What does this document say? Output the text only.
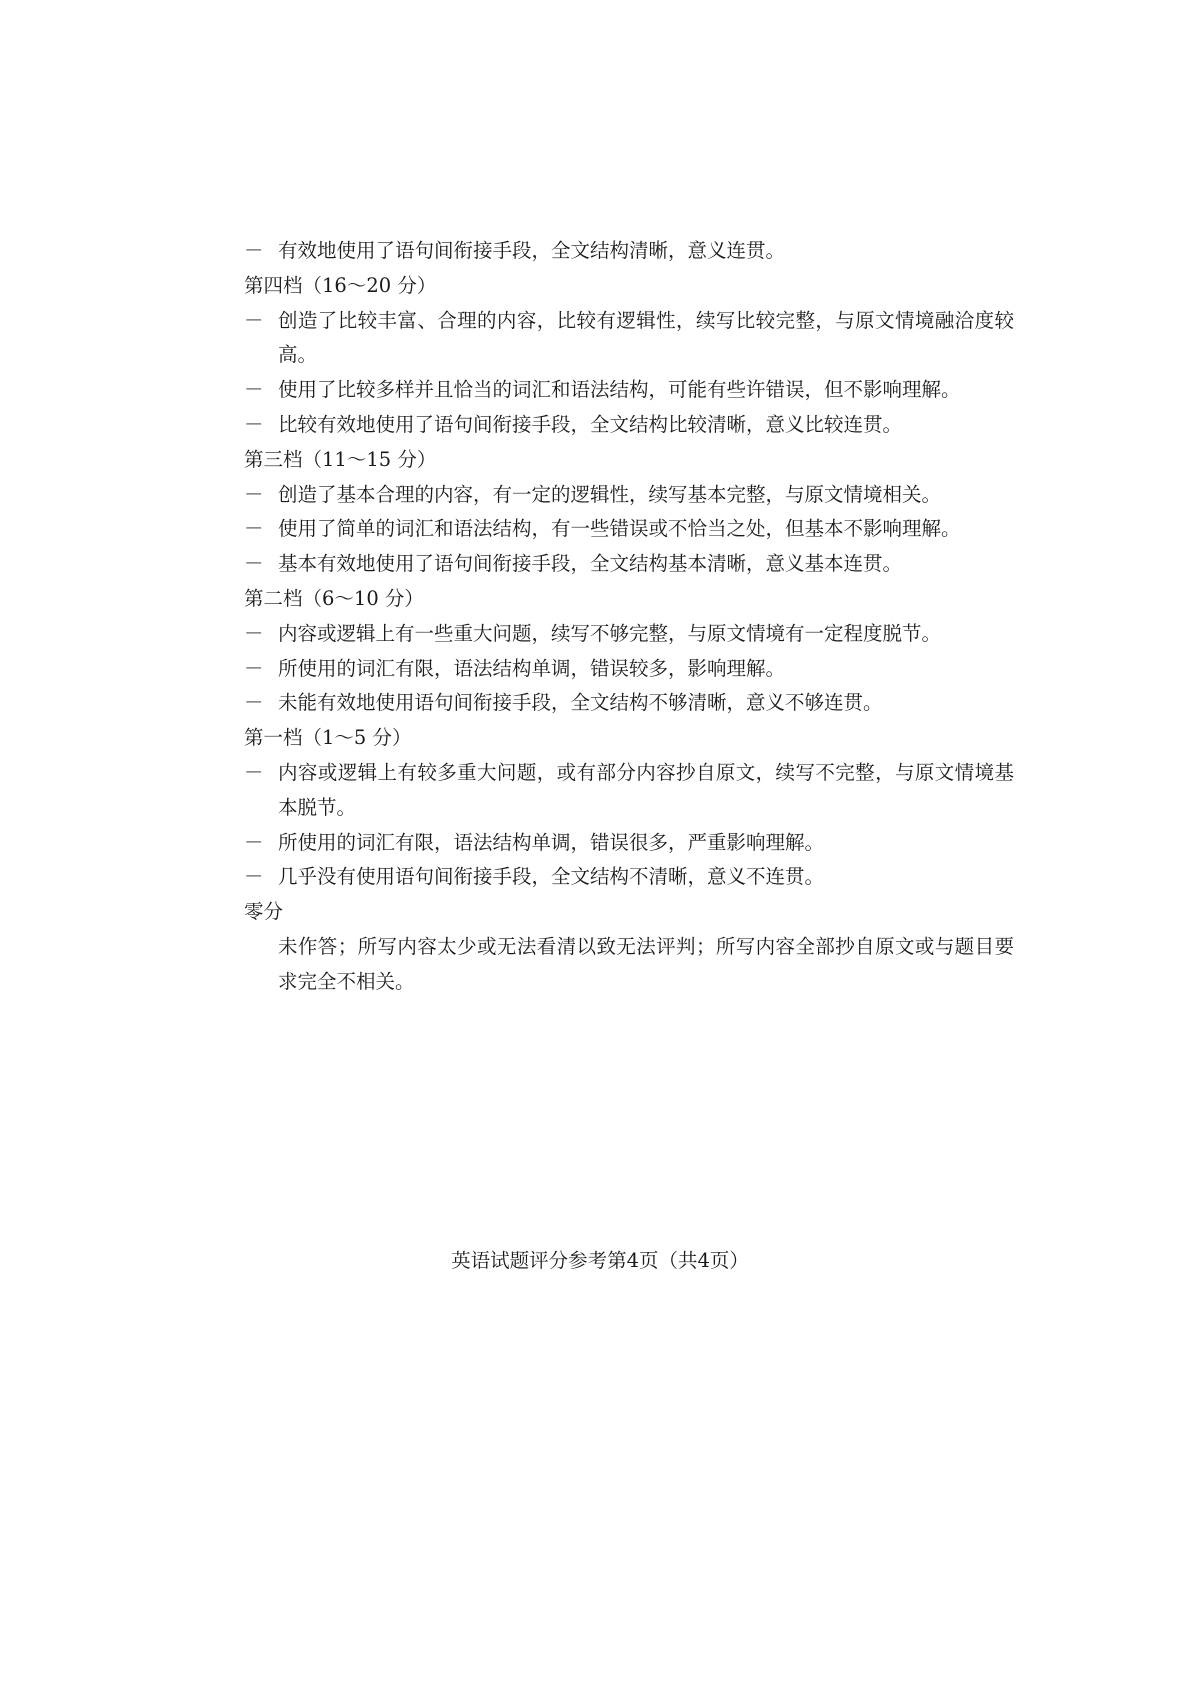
－ 有效地使用了语句间衔接手段，全文结构清晰，意义连贯。
第四档（16～20 分）
－ 创造了比较丰富、合理的内容，比较有逻辑性，续写比较完整，与原文情境融洽度较高。
－ 使用了比较多样并且恰当的词汇和语法结构，可能有些许错误，但不影响理解。
－ 比较有效地使用了语句间衔接手段，全文结构比较清晰，意义比较连贯。
第三档（11～15 分）
－ 创造了基本合理的内容，有一定的逻辑性，续写基本完整，与原文情境相关。
－ 使用了简单的词汇和语法结构，有一些错误或不恰当之处，但基本不影响理解。
－ 基本有效地使用了语句间衔接手段，全文结构基本清晰，意义基本连贯。
第二档（6～10 分）
－ 内容或逻辑上有一些重大问题，续写不够完整，与原文情境有一定程度脱节。
－ 所使用的词汇有限，语法结构单调，错误较多，影响理解。
－ 未能有效地使用语句间衔接手段，全文结构不够清晰，意义不够连贯。
第一档（1～5 分）
－ 内容或逻辑上有较多重大问题，或有部分内容抄自原文，续写不完整，与原文情境基本脱节。
－ 所使用的词汇有限，语法结构单调，错误很多，严重影响理解。
－ 几乎没有使用语句间衔接手段，全文结构不清晰，意义不连贯。
零分
未作答；所写内容太少或无法看清以致无法评判；所写内容全部抄自原文或与题目要求完全不相关。
英语试题评分参考第4页（共4页）
